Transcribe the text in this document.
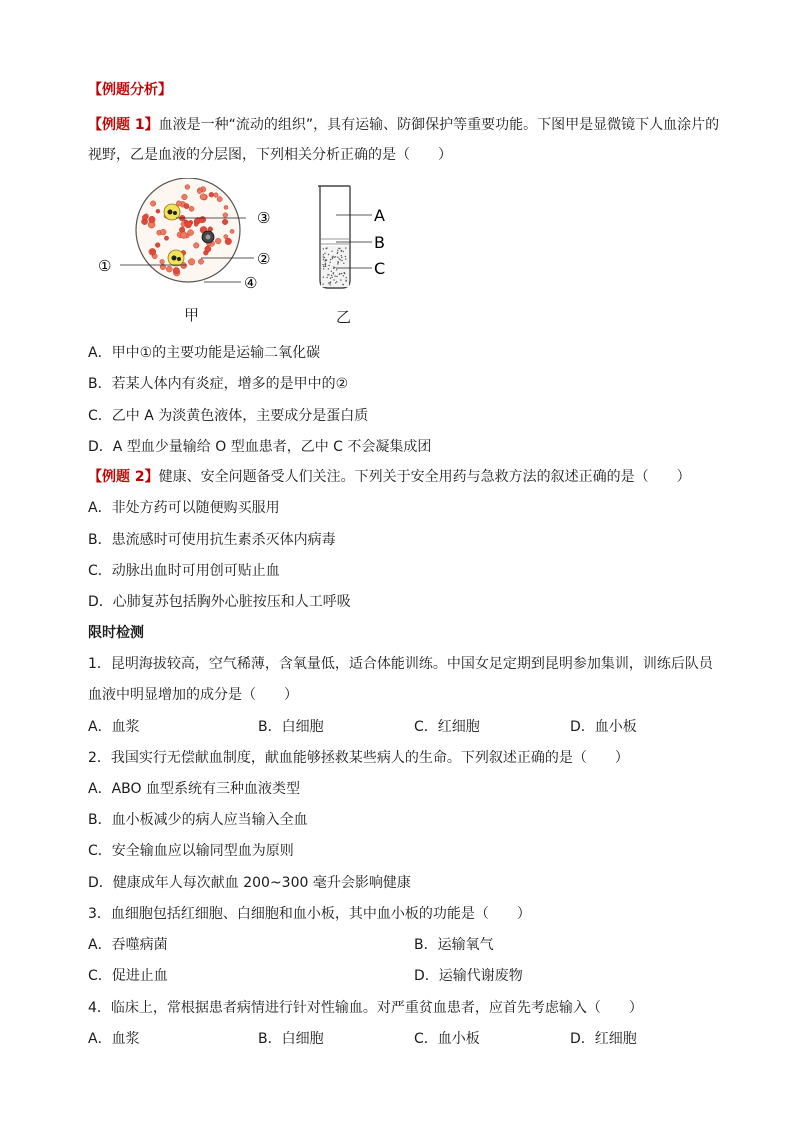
【例题分析】
【例题 1】血液是一种“流动的组织”，具有运输、防御保护等重要功能。下图甲是显微镜下人血涂片的
视野，乙是血液的分层图，下列相关分析正确的是（　　）
③
②
①
④
甲
A
B
C
乙
A．甲中①的主要功能是运输二氧化碳
B．若某人体内有炎症，增多的是甲中的②
C．乙中 A 为淡黄色液体，主要成分是蛋白质
D．A 型血少量输给 O 型血患者，乙中 C 不会凝集成团
【例题 2】健康、安全问题备受人们关注。下列关于安全用药与急救方法的叙述正确的是（　　）
A．非处方药可以随便购买服用
B．患流感时可使用抗生素杀灭体内病毒
C．动脉出血时可用创可贴止血
D．心肺复苏包括胸外心脏按压和人工呼吸
限时检测
1．昆明海拔较高，空气稀薄，含氧量低，适合体能训练。中国女足定期到昆明参加集训，训练后队员
血液中明显增加的成分是（　　）
A．血浆	B．白细胞	C．红细胞	D．血小板
2．我国实行无偿献血制度，献血能够拯救某些病人的生命。下列叙述正确的是（　　）
A．ABO 血型系统有三种血液类型
B．血小板减少的病人应当输入全血
C．安全输血应以输同型血为原则
D．健康成年人每次献血 200~300 毫升会影响健康
3．血细胞包括红细胞、白细胞和血小板，其中血小板的功能是（　　）
A．吞噬病菌	B．运输氧气
C．促进止血	D．运输代谢废物
4．临床上，常根据患者病情进行针对性输血。对严重贫血患者，应首先考虑输入（　　）
A．血浆	B．白细胞	C．血小板	D．红细胞
